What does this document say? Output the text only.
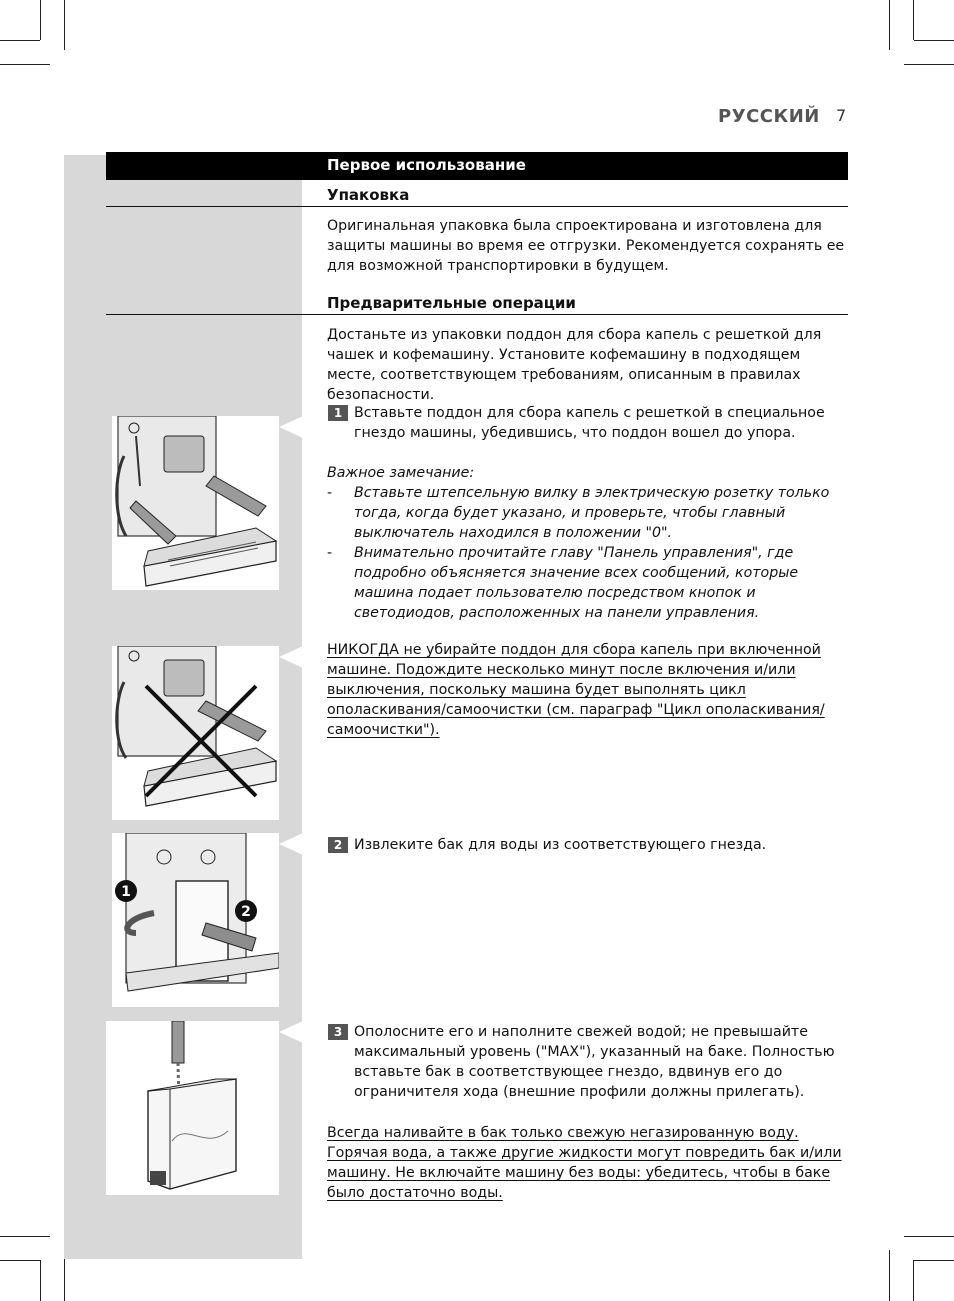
РУССКИЙ 7
Первое использование
Упаковка

Оригинальная упаковка была спроектирована и изготовлена для защиты машины во время ее отгрузки. Рекомендуется сохранять ее для возможной транспортировки в будущем.

Предварительные операции

Достаньте из упаковки поддон для сбора капель с решеткой для чашек и кофемашину. Установите кофемашину в подходящем месте, соответствующем требованиям, описанным в правилах безопасности.

1 Вставьте поддон для сбора капель с решеткой в специальное гнездо машины, убедившись, что поддон вошел до упора.

Важное замечание:

- Вставьте штепсельную вилку в электрическую розетку только тогда, когда будет указано, и проверьте, чтобы главный выключатель находился в положении "0".
- Внимательно прочитайте главу "Панель управления", где подробно объясняется значение всех сообщений, которые машина подает пользователю посредством кнопок и светодиодов, расположенных на панели управления.

НИКОГДА не убирайте поддон для сбора капель при включенной машине. Подождите несколько минут после включения и/или выключения, поскольку машина будет выполнять цикл ополаскивания/самоочистки (см. параграф "Цикл ополаскивания/самоочистки").

2 Извлеките бак для воды из соответствующего гнезда.
3 Ополосните его и наполните свежей водой; не превышайте максимальный уровень ("MAX"), указанный на баке. Полностью вставьте бак в соответствующее гнездо, вдвинув его до ограничителя хода (внешние профили должны прилегать).

Всегда наливайте в бак только свежую негазированную воду. Горячая вода, а также другие жидкости могут повредить бак и/или машину. Не включайте машину без воды: убедитесь, чтобы в баке было достаточно воды.

1
2
